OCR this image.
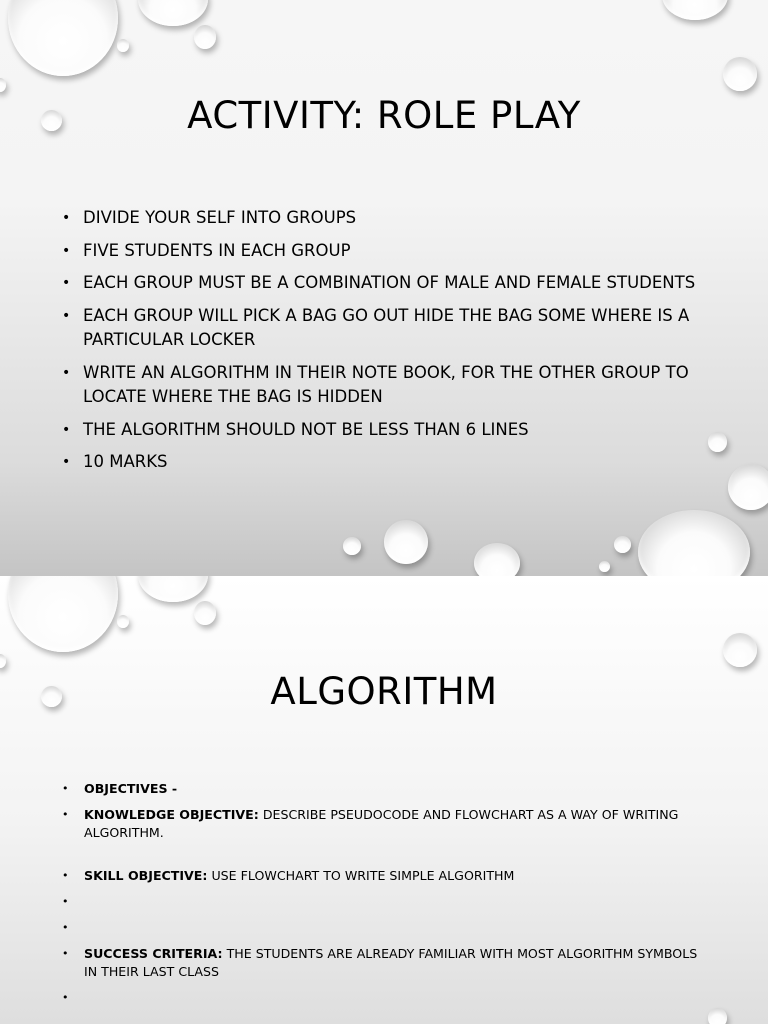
ACTIVITY: ROLE PLAY
• DIVIDE YOUR SELF INTO GROUPS
• FIVE STUDENTS IN EACH GROUP
• EACH GROUP MUST BE A COMBINATION OF MALE AND FEMALE STUDENTS
• EACH GROUP WILL PICK A BAG GO OUT HIDE THE BAG SOME WHERE IS A PARTICULAR LOCKER
• WRITE AN ALGORITHM IN THEIR NOTE BOOK, FOR THE OTHER GROUP TO LOCATE WHERE THE BAG IS HIDDEN
• THE ALGORITHM SHOULD NOT BE LESS THAN 6 LINES
• 10 MARKS
ALGORITHM
• OBJECTIVES -
• KNOWLEDGE OBJECTIVE: DESCRIBE PSEUDOCODE AND FLOWCHART AS A WAY OF WRITING ALGORITHM.
• SKILL OBJECTIVE: USE FLOWCHART TO WRITE SIMPLE ALGORITHM
•
•
• SUCCESS CRITERIA: THE STUDENTS ARE ALREADY FAMILIAR WITH MOST ALGORITHM SYMBOLS IN THEIR LAST CLASS
•
